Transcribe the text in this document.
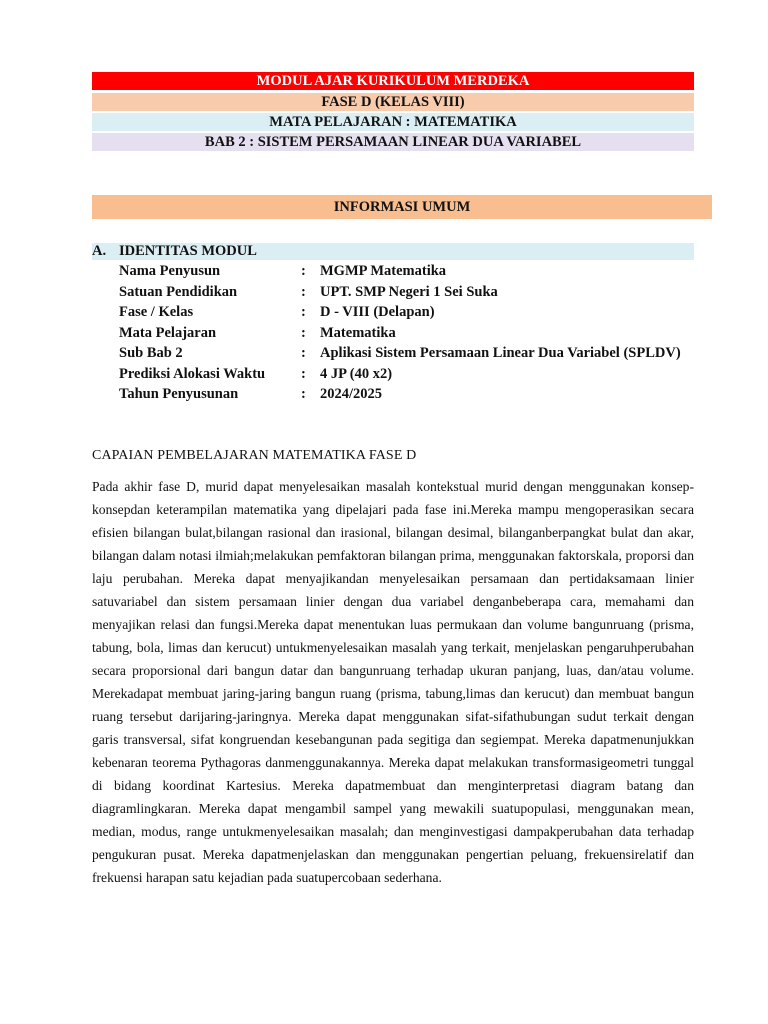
MODUL AJAR KURIKULUM MERDEKA
FASE D (KELAS VIII)
MATA PELAJARAN : MATEMATIKA
BAB 2 : SISTEM PERSAMAAN LINEAR DUA VARIABEL
INFORMASI UMUM
A. IDENTITAS MODUL
Nama Penyusun	: MGMP Matematika
Satuan Pendidikan	: UPT. SMP Negeri 1 Sei Suka
Fase / Kelas	: D - VIII (Delapan)
Mata Pelajaran	: Matematika
Sub Bab 2	: Aplikasi Sistem Persamaan Linear Dua Variabel (SPLDV)
Prediksi Alokasi Waktu	: 4 JP (40 x2)
Tahun Penyusunan	: 2024/2025
CAPAIAN PEMBELAJARAN MATEMATIKA FASE D
Pada akhir fase D, murid dapat menyelesaikan masalah kontekstual murid dengan menggunakan konsep-konsepdan keterampilan matematika yang dipelajari pada fase ini.Mereka mampu mengoperasikan secara efisien bilangan bulat,bilangan rasional dan irasional, bilangan desimal, bilanganberpangkat bulat dan akar, bilangan dalam notasi ilmiah;melakukan pemfaktoran bilangan prima, menggunakan faktorskala, proporsi dan laju perubahan. Mereka dapat menyajikandan menyelesaikan persamaan dan pertidaksamaan linier satuvariabel dan sistem persamaan linier dengan dua variabel denganbeberapa cara, memahami dan menyajikan relasi dan fungsi.Mereka dapat menentukan luas permukaan dan volume bangunruang (prisma, tabung, bola, limas dan kerucut) untukmenyelesaikan masalah yang terkait, menjelaskan pengaruhperubahan secara proporsional dari bangun datar dan bangunruang terhadap ukuran panjang, luas, dan/atau volume. Merekadapat membuat jaring-jaring bangun ruang (prisma, tabung,limas dan kerucut) dan membuat bangun ruang tersebut darijaring-jaringnya. Mereka dapat menggunakan sifat-sifathubungan sudut terkait dengan garis transversal, sifat kongruendan kesebangunan pada segitiga dan segiempat. Mereka dapatmenunjukkan kebenaran teorema Pythagoras danmenggunakannya. Mereka dapat melakukan transformasigeometri tunggal di bidang koordinat Kartesius. Mereka dapatmembuat dan menginterpretasi diagram batang dan diagramlingkaran. Mereka dapat mengambil sampel yang mewakili suatupopulasi, menggunakan mean, median, modus, range untukmenyelesaikan masalah; dan menginvestigasi dampakperubahan data terhadap pengukuran pusat. Mereka dapatmenjelaskan dan menggunakan pengertian peluang, frekuensirelatif dan frekuensi harapan satu kejadian pada suatupercobaan sederhana.
